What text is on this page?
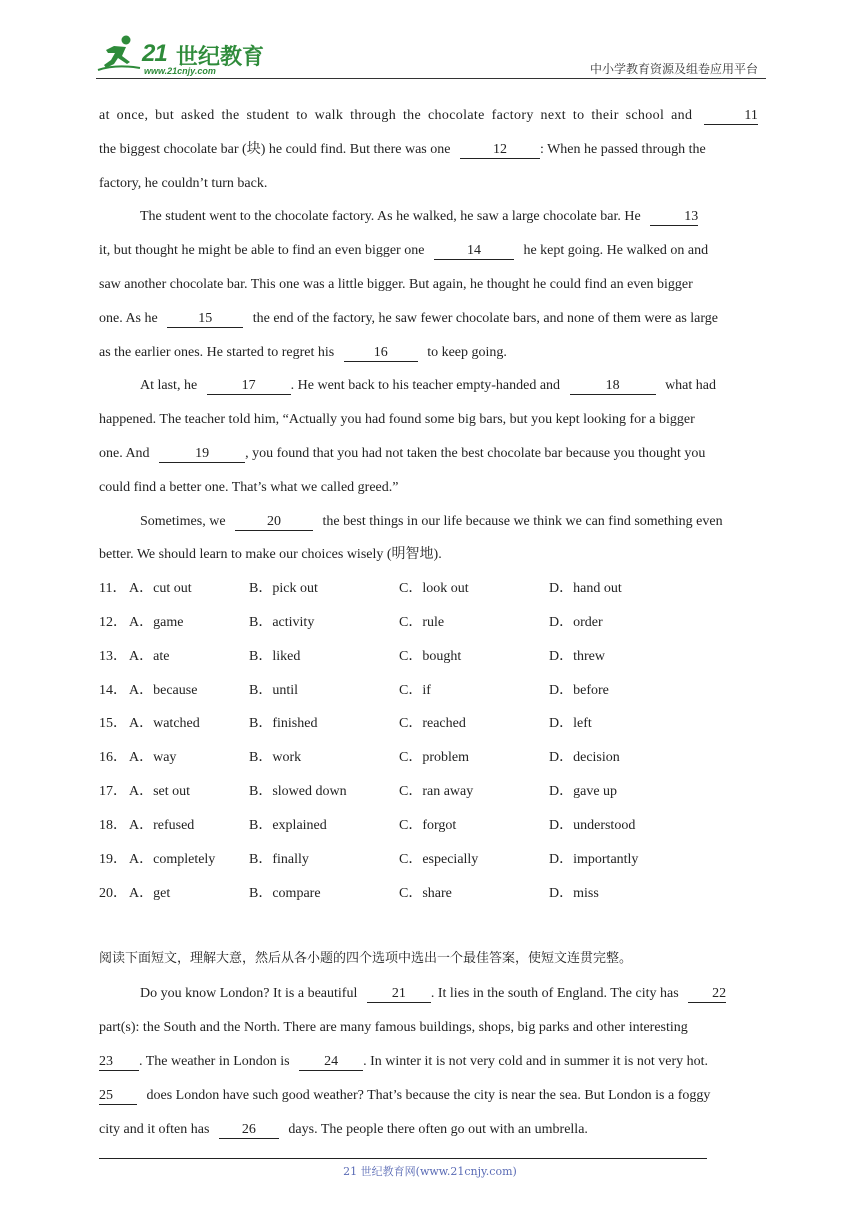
21 世纪教育
www.21cnjy.com	中小学教育资源及组卷应用平台
at once, but asked the student to walk through the chocolate factory next to their school and	11
the biggest chocolate bar (块) he could find. But there was one	12 : When he passed through the
factory, he couldn’t turn back.
The student went to the chocolate factory. As he walked, he saw a large chocolate bar. He	13
it, but thought he might be able to find an even bigger one	14	he kept going. He walked on and
saw another chocolate bar. This one was a little bigger. But again, he thought he could find an even bigger
one. As he	15	the end of the factory, he saw fewer chocolate bars, and none of them were as large
as the earlier ones. He started to regret his	16	to keep going.
At last, he	17	. He went back to his teacher empty-handed and	18	what had
happened. The teacher told him, “Actually you had found some big bars, but you kept looking for a bigger
one. And	19	, you found that you had not taken the best chocolate bar because you thought you
could find a better one. That’s what we called greed.”
Sometimes, we	20	the best things in our life because we think we can find something even
better. We should learn to make our choices wisely (明智地).
11． A．cut out	B．pick out	C．look out	D．hand out
12． A．game	B．activity	C．rule	D．order
13． A．ate	B．liked	C．bought	D．threw
14． A．because	B．until	C．if	D．before
15． A．watched	B．finished	C．reached	D．left
16． A．way	B．work	C．problem	D．decision
17． A．set out	B．slowed down	C．ran away	D．gave up
18． A．refused	B．explained	C．forgot	D．understood
19． A．completely B．finally	C．especially	D．importantly
20． A．get	B．compare	C．share	D．miss
阅读下面短文，理解大意，然后从各小题的四个选项中选出一个最佳答案，使短文连贯完整。
Do you know London? It is a beautiful 21 . It lies in the south of England. The city has 22
part(s): the South and the North. There are many famous buildings, shops, big parks and other interesting
23 . The weather in London is 24 . In winter it is not very cold and in summer it is not very hot.
25 does London have such good weather? That’s because the city is near the sea. But London is a foggy
city and it often has 26 days. The people there often go out with an umbrella.
21 世纪教育网(www.21cnjy.com)
